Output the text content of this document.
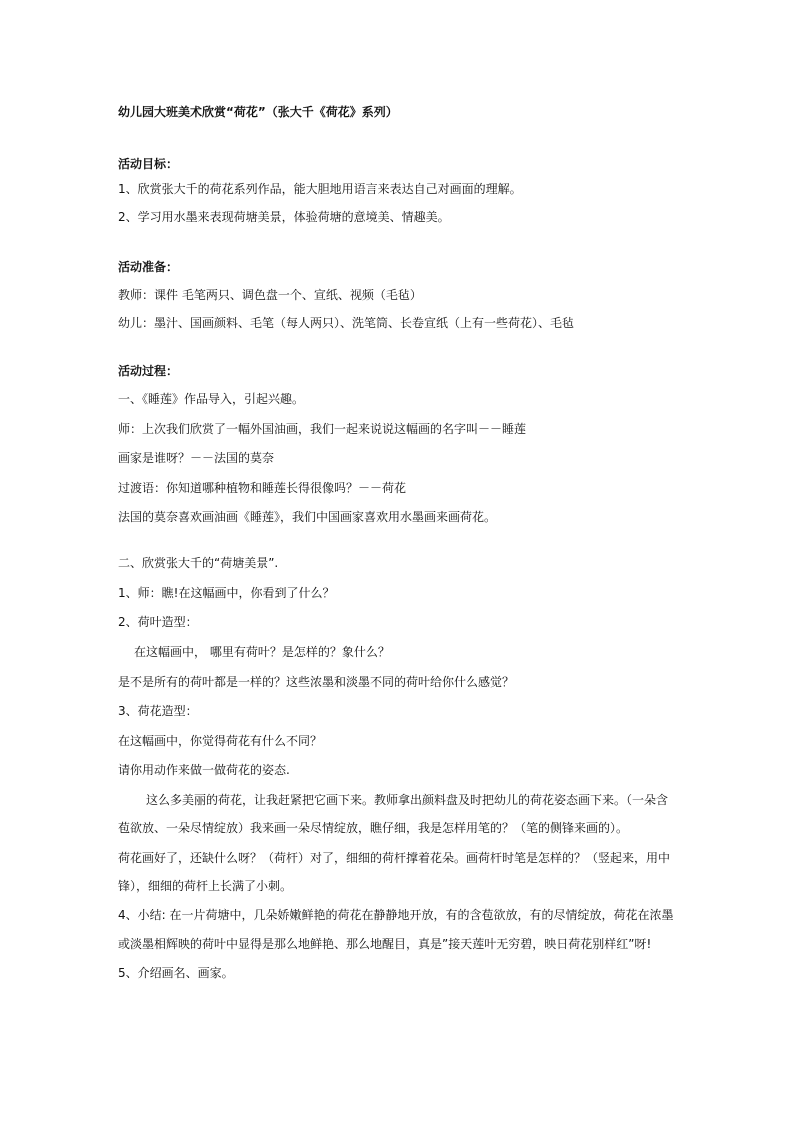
幼儿园大班美术欣赏“荷花”（张大千《荷花》系列）
活动目标：
1、欣赏张大千的荷花系列作品，能大胆地用语言来表达自己对画面的理解。
2、学习用水墨来表现荷塘美景，体验荷塘的意境美、情趣美。
活动准备：
教师：课件 毛笔两只、调色盘一个、宣纸、视频（毛毡）
幼儿：墨汁、国画颜料、毛笔（每人两只）、洗笔筒、长卷宣纸（上有一些荷花）、毛毡
活动过程：
一、《睡莲》作品导入，引起兴趣。
师：上次我们欣赏了一幅外国油画，我们一起来说说这幅画的名字叫－－睡莲
画家是谁呀？－－法国的莫奈
过渡语：你知道哪种植物和睡莲长得很像吗？－－荷花
法国的莫奈喜欢画油画《睡莲》，我们中国画家喜欢用水墨画来画荷花。
二、欣赏张大千的“荷塘美景”.
1、师：瞧!在这幅画中，你看到了什么？
2、荷叶造型：
在这幅画中， 哪里有荷叶？是怎样的？象什么？
是不是所有的荷叶都是一样的？这些浓墨和淡墨不同的荷叶给你什么感觉？
3、荷花造型：
在这幅画中，你觉得荷花有什么不同？
请你用动作来做一做荷花的姿态.
这么多美丽的荷花，让我赶紧把它画下来。教师拿出颜料盘及时把幼儿的荷花姿态画下来。（一朵含
苞欲放、一朵尽情绽放）我来画一朵尽情绽放，瞧仔细，我是怎样用笔的？（笔的侧锋来画的）。
荷花画好了，还缺什么呀？（荷杆）对了，细细的荷杆撑着花朵。画荷杆时笔是怎样的？（竖起来，用中
锋），细细的荷杆上长满了小刺。
4、小结: 在一片荷塘中，几朵娇嫩鲜艳的荷花在静静地开放，有的含苞欲放，有的尽情绽放，荷花在浓墨
或淡墨相辉映的荷叶中显得是那么地鲜艳、那么地醒目，真是”接天莲叶无穷碧，映日荷花别样红”呀!
5、介绍画名、画家。
